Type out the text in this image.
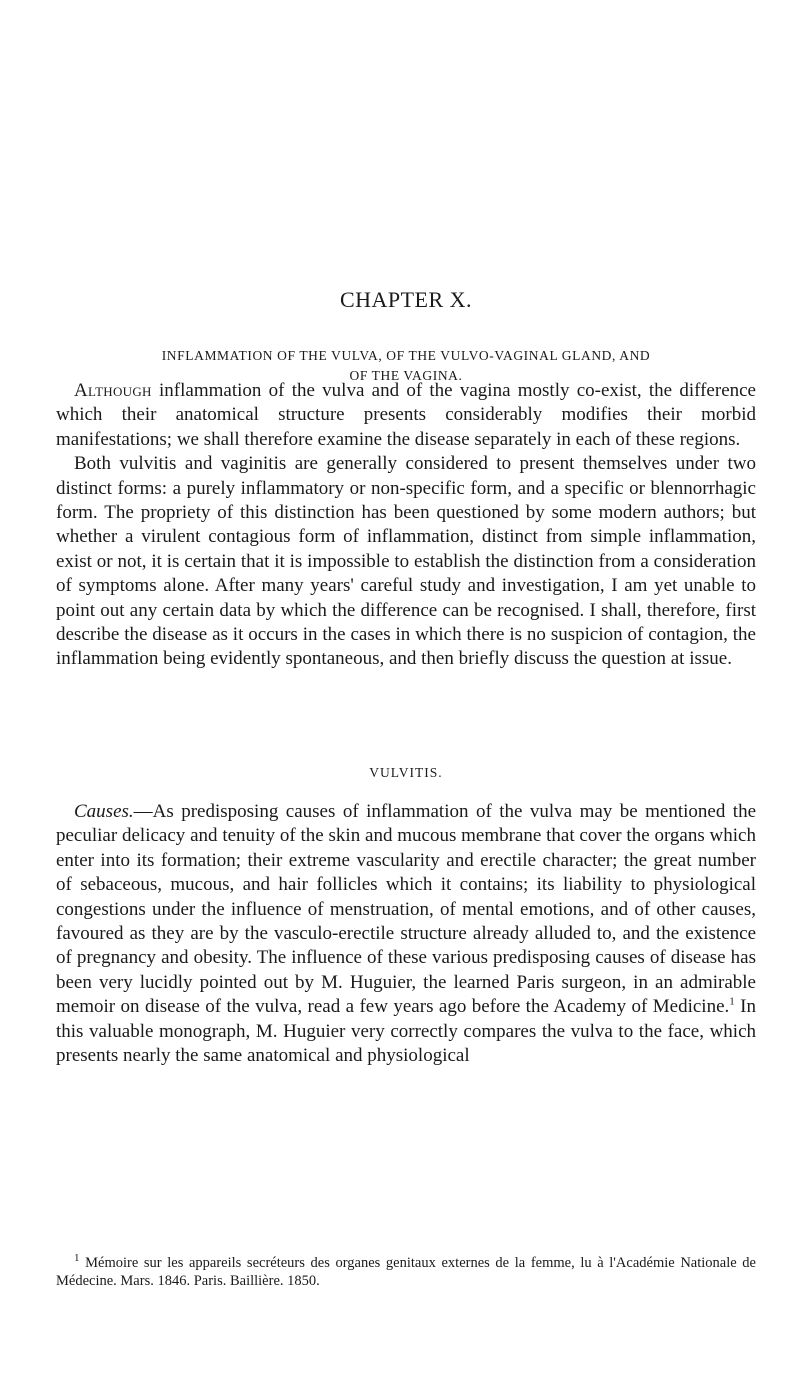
CHAPTER X.
INFLAMMATION OF THE VULVA, OF THE VULVO-VAGINAL GLAND, AND
OF THE VAGINA.

Although inflammation of the vulva and of the vagina mostly co-exist, the difference which their anatomical structure presents considerably modifies their morbid manifestations; we shall therefore examine the disease separately in each of these regions.

Both vulvitis and vaginitis are generally considered to present themselves under two distinct forms: a purely inflammatory or non-specific form, and a specific or blennorrhagic form. The propriety of this distinction has been questioned by some modern authors; but whether a virulent contagious form of inflammation, distinct from simple inflammation, exist or not, it is certain that it is impossible to establish the distinction from a consideration of symptoms alone. After many years' careful study and investigation, I am yet unable to point out any certain data by which the difference can be recognised. I shall, therefore, first describe the disease as it occurs in the cases in which there is no suspicion of contagion, the inflammation being evidently spontaneous, and then briefly discuss the question at issue.

VULVITIS.

Causes.—As predisposing causes of inflammation of the vulva may be mentioned the peculiar delicacy and tenuity of the skin and mucous membrane that cover the organs which enter into its formation; their extreme vascularity and erectile character; the great number of sebaceous, mucous, and hair follicles which it contains; its liability to physiological congestions under the influence of menstruation, of mental emotions, and of other causes, favoured as they are by the vasculo-erectile structure already alluded to, and the existence of pregnancy and obesity. The influence of these various predisposing causes of disease has been very lucidly pointed out by M. Huguier, the learned Paris surgeon, in an admirable memoir on disease of the vulva, read a few years ago before the Academy of Medicine.$^1$ In this valuable monograph, M. Huguier very correctly compares the vulva to the face, which presents nearly the same anatomical and physiological

$^1$ Mémoire sur les appareils secréteurs des organes genitaux externes de la femme, lu à l'Académie Nationale de Médecine. Mars. 1846. Paris. Baillière. 1850.
